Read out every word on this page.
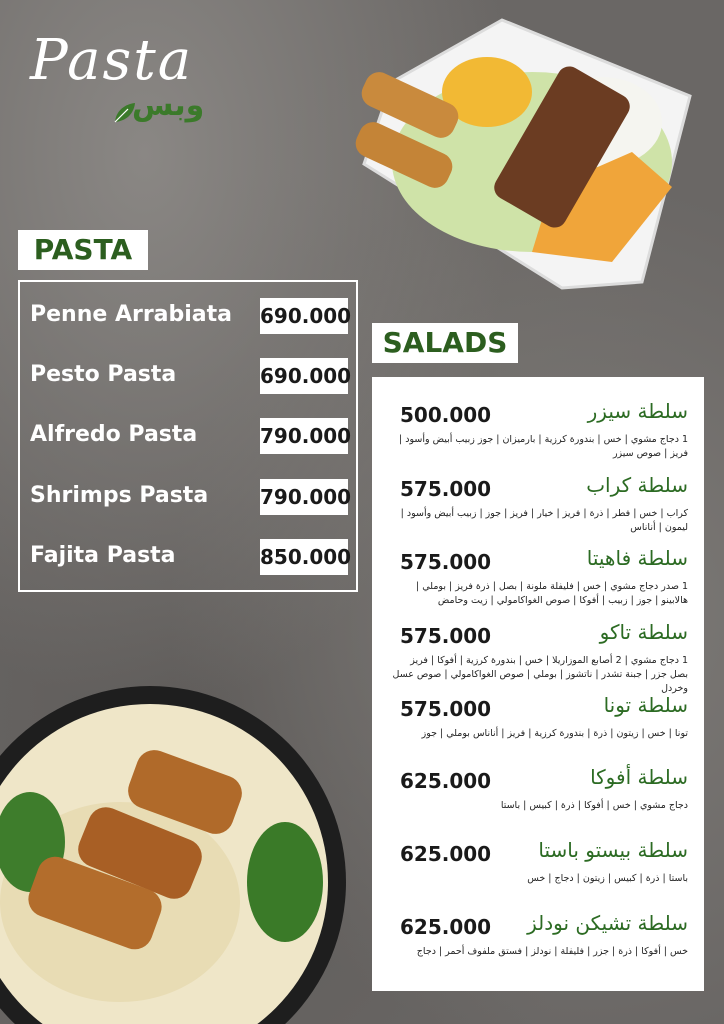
Pasta
وبس
PASTA
Penne Arrabiata 690.000
Pesto Pasta	690.000
Alfredo Pasta	790.000
Shrimps Pasta	790.000
Fajita Pasta	850.000
SALADS
500.000	سلطة سيزر
1 دجاج مشوي | خس | بندورة كرزية | بارميزان | جوز زبيب أبيض وأسود | فريز | صوص سيزر
575.000	سلطة كراب
كراب | خس | فطر | ذرة | فريز | خيار | فريز | جوز | زبيب أبيض وأسود | ليمون | أناناس
575.000	سلطة فاهيتا
1 صدر دجاج مشوي | خس | فليفلة ملونة | بصل | ذرة فريز | بوملي | هالابينو | جوز | زبيب | أفوكا | صوص الغواكامولي | زيت وحامض
575.000	سلطة تاكو
1 دجاج مشوي | 2 أصابع الموزاريلا | خس | بندورة كرزية | أفوكا | فريز بصل جزر | جبنة تشدر | ناتشوز | بوملي | صوص الغواكامولي | صوص عسل وخردل
575.000	سلطة تونا
تونا | خس | زيتون | ذرة | بندورة كرزية | فريز | أناناس بوملي | جوز
625.000	سلطة أفوكا
دجاج مشوي | خس | أفوكا | ذرة | كبيس | باستا
625.000 سلطة بيستو باستا
باستا | ذرة | كبيس | زيتون | دجاج | خس
625.000 سلطة تشيكن نودلز
خس | أفوكا | ذرة | جزر | فليفلة | نودلز | فستق ملفوف أحمر | دجاج
